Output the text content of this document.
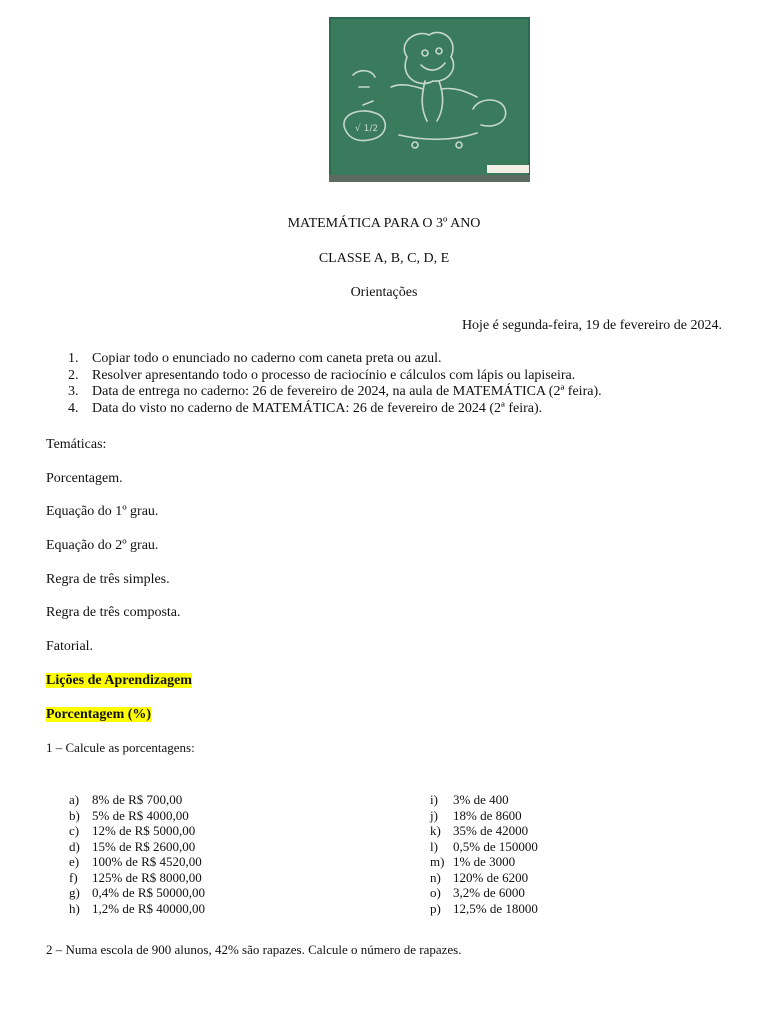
√ 1/2
MATEMÁTICA PARA O 3º ANO
CLASSE A, B, C, D, E
Orientações
Hoje é segunda-feira, 19 de fevereiro de 2024.
1. Copiar todo o enunciado no caderno com caneta preta ou azul.
2. Resolver apresentando todo o processo de raciocínio e cálculos com lápis ou lapiseira.
3. Data de entrega no caderno: 26 de fevereiro de 2024, na aula de MATEMÁTICA (2ª feira).
4. Data do visto no caderno de MATEMÁTICA: 26 de fevereiro de 2024 (2ª feira).
Temáticas:
Porcentagem.
Equação do 1º grau.
Equação do 2º grau.
Regra de três simples.
Regra de três composta.
Fatorial.
Lições de Aprendizagem
Porcentagem (%)
1 – Calcule as porcentagens:
a) 8% de R$ 700,00
b) 5% de R$ 4000,00
c) 12% de R$ 5000,00
d) 15% de R$ 2600,00
e) 100% de R$ 4520,00
f) 125% de R$ 8000,00
g) 0,4% de R$ 50000,00
h) 1,2% de R$ 40000,00
i) 3% de 400
j) 18% de 8600
k) 35% de 42000
l) 0,5% de 150000
m) 1% de 3000
n) 120% de 6200
o) 3,2% de 6000
p) 12,5% de 18000
2 – Numa escola de 900 alunos, 42% são rapazes. Calcule o número de rapazes.
